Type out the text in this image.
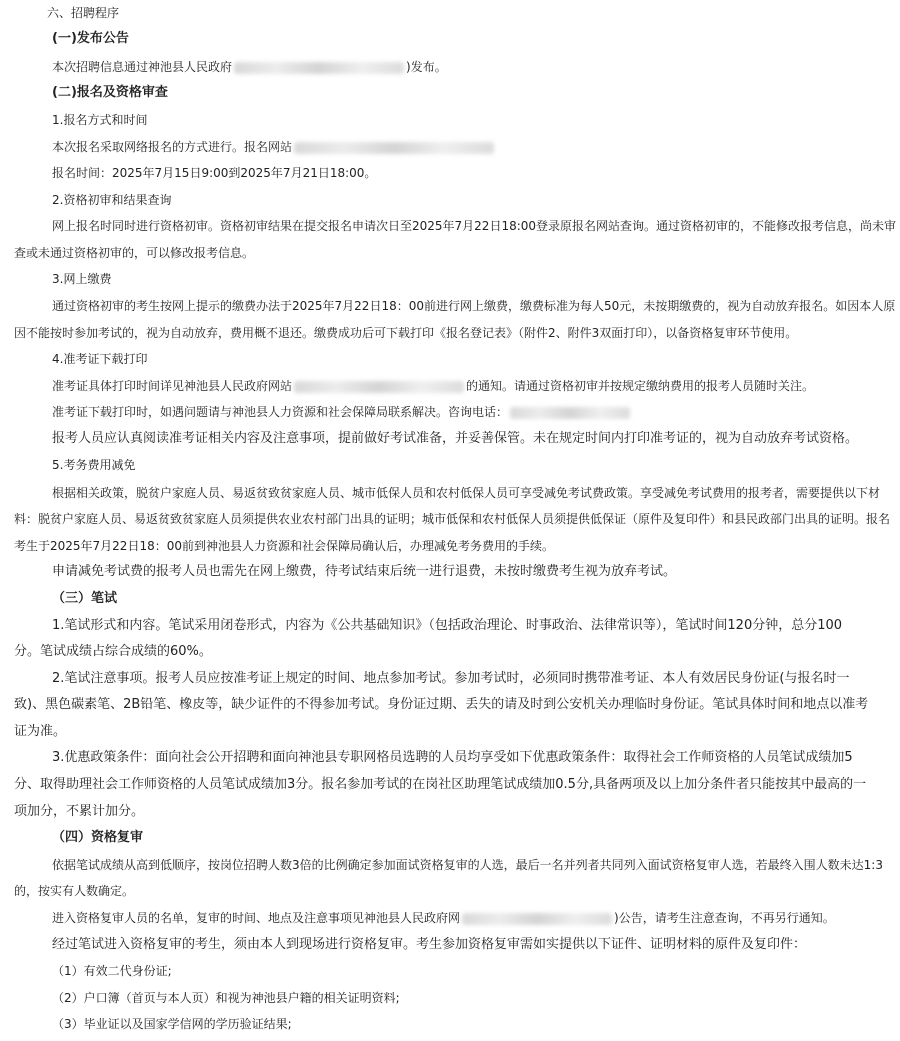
六、招聘程序
(一)发布公告
本次招聘信息通过神池县人民政府	)发布。
(二)报名及资格审查
1.报名方式和时间
本次报名采取网络报名的方式进行。报名网站
报名时间：2025年7月15日9:00到2025年7月21日18:00。
2.资格初审和结果查询
网上报名时同时进行资格初审。资格初审结果在提交报名申请次日至2025年7月22日18:00登录原报名网站查询。通过资格初审的，不能修改报考信息，尚未审
查或未通过资格初审的，可以修改报考信息。
3.网上缴费
通过资格初审的考生按网上提示的缴费办法于2025年7月22日18：00前进行网上缴费，缴费标准为每人50元，未按期缴费的，视为自动放弃报名。如因本人原
因不能按时参加考试的，视为自动放弃，费用概不退还。缴费成功后可下载打印《报名登记表》（附件2、附件3双面打印），以备资格复审环节使用。
4.准考证下载打印
准考证具体打印时间详见神池县人民政府网站	的通知。请通过资格初审并按规定缴纳费用的报考人员随时关注。
准考证下载打印时，如遇问题请与神池县人力资源和社会保障局联系解决。咨询电话：
报考人员应认真阅读准考证相关内容及注意事项，提前做好考试准备，并妥善保管。未在规定时间内打印准考证的，视为自动放弃考试资格。
5.考务费用减免
根据相关政策，脱贫户家庭人员、易返贫致贫家庭人员、城市低保人员和农村低保人员可享受减免考试费政策。享受减免考试费用的报考者，需要提供以下材
料：脱贫户家庭人员、易返贫致贫家庭人员须提供农业农村部门出具的证明；城市低保和农村低保人员须提供低保证（原件及复印件）和县民政部门出具的证明。报名
考生于2025年7月22日18：00前到神池县人力资源和社会保障局确认后，办理减免考务费用的手续。
申请减免考试费的报考人员也需先在网上缴费，待考试结束后统一进行退费，未按时缴费考生视为放弃考试。
（三）笔试
1.笔试形式和内容。笔试采用闭卷形式，内容为《公共基础知识》（包括政治理论、时事政治、法律常识等），笔试时间120分钟，总分100
分。笔试成绩占综合成绩的60%。
2.笔试注意事项。报考人员应按准考证上规定的时间、地点参加考试。参加考试时，必须同时携带准考证、本人有效居民身份证(与报名时一
致)、黑色碳素笔、2B铅笔、橡皮等，缺少证件的不得参加考试。身份证过期、丢失的请及时到公安机关办理临时身份证。笔试具体时间和地点以准考
证为准。
3.优惠政策条件：面向社会公开招聘和面向神池县专职网格员选聘的人员均享受如下优惠政策条件：取得社会工作师资格的人员笔试成绩加5
分、取得助理社会工作师资格的人员笔试成绩加3分。报名参加考试的在岗社区助理笔试成绩加0.5分,具备两项及以上加分条件者只能按其中最高的一
项加分，不累计加分。
（四）资格复审
依据笔试成绩从高到低顺序，按岗位招聘人数3倍的比例确定参加面试资格复审的人选，最后一名并列者共同列入面试资格复审人选，若最终入围人数未达1:3
的，按实有人数确定。
进入资格复审人员的名单，复审的时间、地点及注意事项见神池县人民政府网	)公告，请考生注意查询，不再另行通知。
经过笔试进入资格复审的考生，须由本人到现场进行资格复审。考生参加资格复审需如实提供以下证件、证明材料的原件及复印件：
（1）有效二代身份证;
（2）户口簿（首页与本人页）和视为神池县户籍的相关证明资料;
（3）毕业证以及国家学信网的学历验证结果;
